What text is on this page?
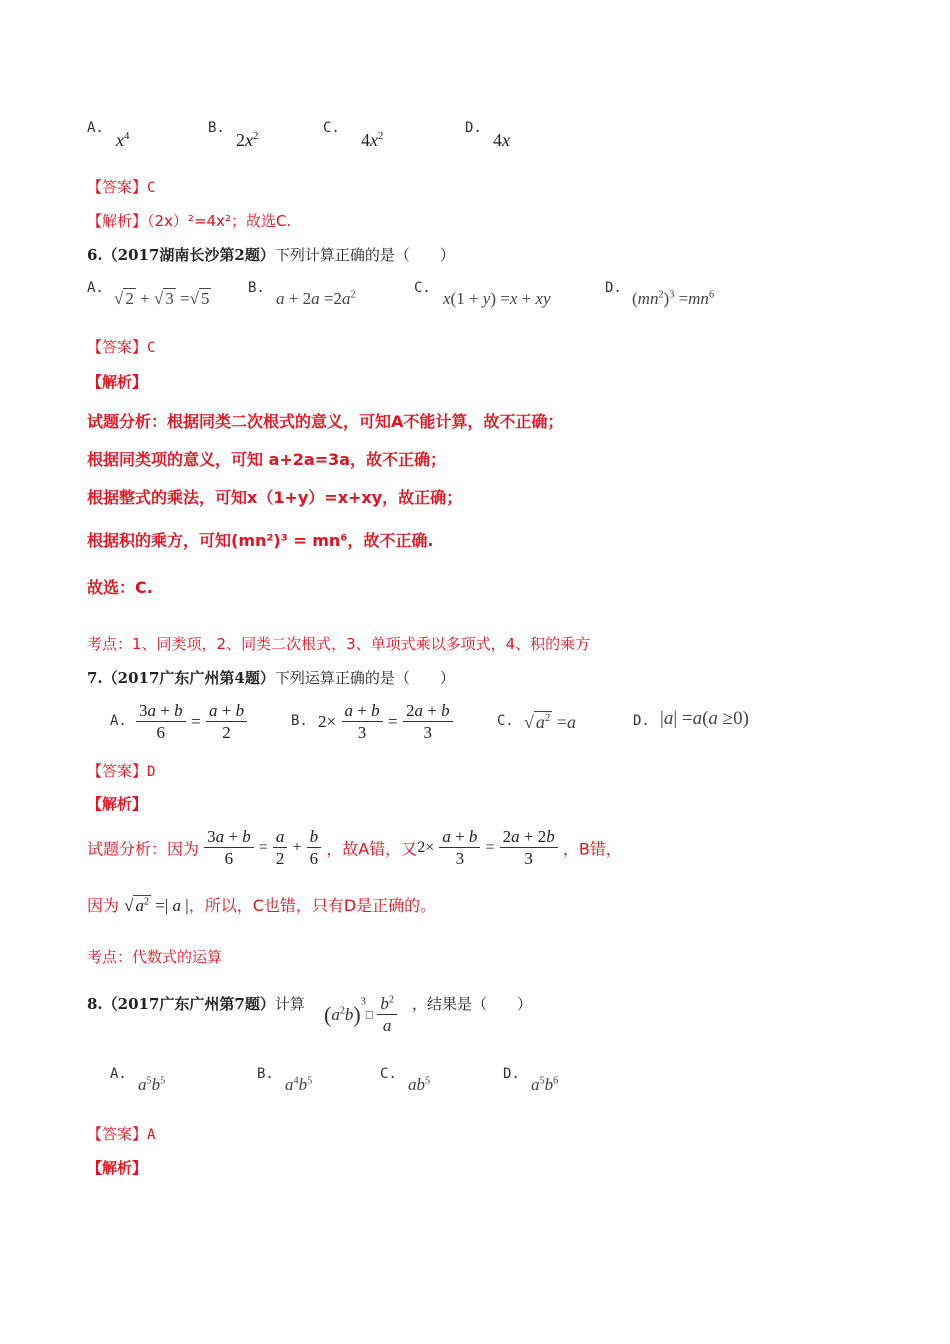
A.
$x^4$	B.
$2x^2$	C.
$4x^2$	D.
4x
【答案】C
【解析】（2x）²=4x²；故选C.
6.（2017湖南长沙第2题）下列计算正确的是（　　）
A.
√ 2 + √ 3 =√ 5
B.
$a + 2a =2a^2$	C.
x(1 + y) =x + xy
D.
$(mn^2)^3 =mn^6$
【答案】C
【解析】
试题分析：根据同类二次根式的意义，可知A不能计算，故不正确；
根据同类项的意义，可知 a+2a=3a，故不正确；
根据整式的乘法，可知x（1+y）=x+xy，故正确；
根据积的乘方，可知(mn²)³ = mn⁶，故不正确.
故选：C.

考点：1、同类项，2、同类二次根式，3、单项式乘以多项式，4、积的乘方
7.（2017广东广州第4题）下列运算正确的是（　　）
A. $\frac{3a + b}{6} = \frac{a + b}{2}$	B. $2\times \frac{a + b}{3} = \frac{2a + b}{3}$	C. √ $a^2 =a$	D. |a| =a(a ≥0)
【答案】D
【解析】
试题分析：因为 $\frac{3a + b}{6} = \frac{a}{2} + \frac{b}{6}$ ，故A错，又$2\times \frac{a + b}{3} = \frac{2a + 2b}{3}$ ，B错，
因为 √ $a^2$ =| a |，所以，C也错，只有D是正确的。
考点：代数式的运算
8.（2017广东广州第7题）计算 $(a^2b)^3□ \frac{b^2}{a}$ ，结果是（　　）
A.
$a^5b^5$	B.
$a^4b^5$	C.
$ab^5$	D.
$a^5b^6$
【答案】A
【解析】
